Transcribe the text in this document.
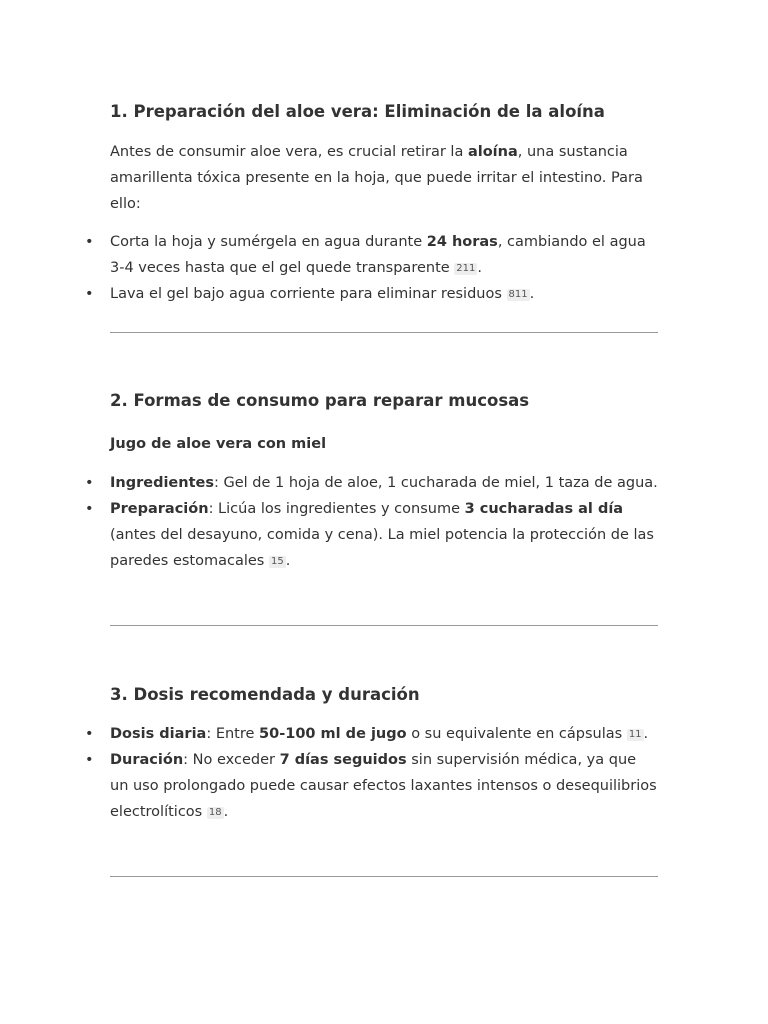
1. Preparación del aloe vera: Eliminación de la aloína

Antes de consumir aloe vera, es crucial retirar la aloína, una sustancia amarillenta tóxica presente en la hoja, que puede irritar el intestino. Para ello:

• Corta la hoja y sumérgela en agua durante 24 horas, cambiando el agua 3-4 veces hasta que el gel quede transparente 211 .
• Lava el gel bajo agua corriente para eliminar residuos 811 .
2. Formas de consumo para reparar mucosas
Jugo de aloe vera con miel
• Ingredientes: Gel de 1 hoja de aloe, 1 cucharada de miel, 1 taza de agua.
• Preparación: Licúa los ingredientes y consume 3 cucharadas al día (antes del desayuno, comida y cena). La miel potencia la protección de las paredes estomacales 15 .
3. Dosis recomendada y duración
• Dosis diaria: Entre 50-100 ml de jugo o su equivalente en cápsulas 11 .
• Duración: No exceder 7 días seguidos sin supervisión médica, ya que un uso prolongado puede causar efectos laxantes intensos o desequilibrios electrolíticos 18 .
